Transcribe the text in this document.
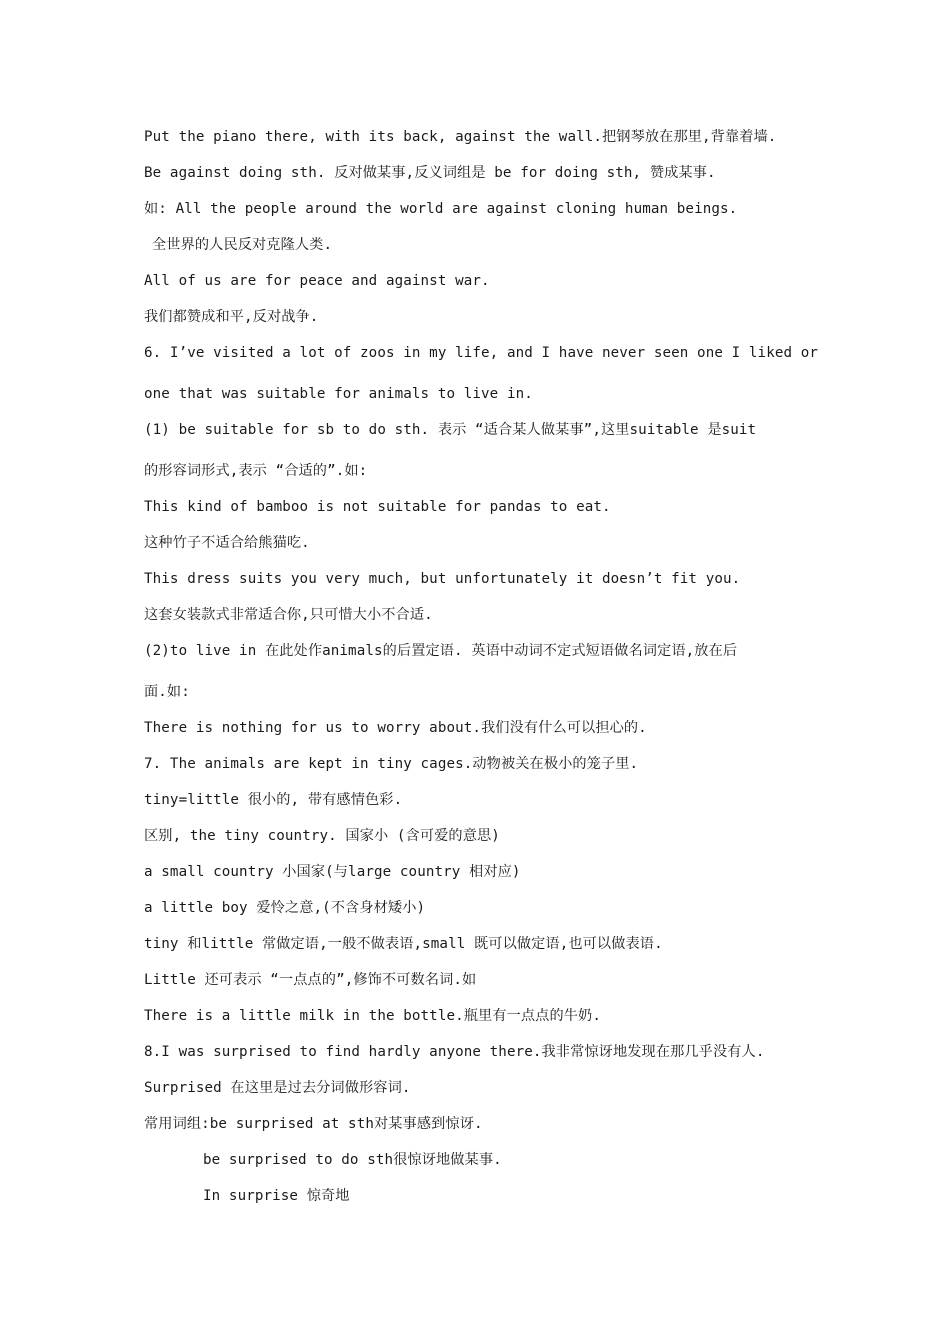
Put the piano there, with its back, against the wall.把钢琴放在那里,背靠着墙.
Be against doing sth. 反对做某事,反义词组是 be for doing sth, 赞成某事.
如: All the people around the world are against cloning human beings.
全世界的人民反对克隆人类.
All of us are for peace and against war.
我们都赞成和平,反对战争.
6. I’ve visited a lot of zoos in my life, and I have never seen one I liked or
one that was suitable for animals to live in.
(1) be suitable for sb to do sth. 表示 “适合某人做某事”,这里suitable 是suit
的形容词形式,表示 “合适的”.如:
This kind of bamboo is not suitable for pandas to eat.
这种竹子不适合给熊猫吃.
This dress suits you very much, but unfortunately it doesn’t fit you.
这套女装款式非常适合你,只可惜大小不合适.
(2)to live in 在此处作animals的后置定语. 英语中动词不定式短语做名词定语,放在后
面.如:
There is nothing for us to worry about.我们没有什么可以担心的.
7. The animals are kept in tiny cages.动物被关在极小的笼子里.
tiny=little 很小的, 带有感情色彩.
区别, the tiny country. 国家小 (含可爱的意思)
a small country 小国家(与large country 相对应)
a little boy 爱怜之意,(不含身材矮小)
tiny 和little 常做定语,一般不做表语,small 既可以做定语,也可以做表语.
Little 还可表示 “一点点的”,修饰不可数名词.如
There is a little milk in the bottle.瓶里有一点点的牛奶.
8.I was surprised to find hardly anyone there.我非常惊讶地发现在那几乎没有人.
Surprised 在这里是过去分词做形容词.
常用词组:be surprised at sth对某事感到惊讶.
be surprised to do sth很惊讶地做某事.
In surprise 惊奇地
